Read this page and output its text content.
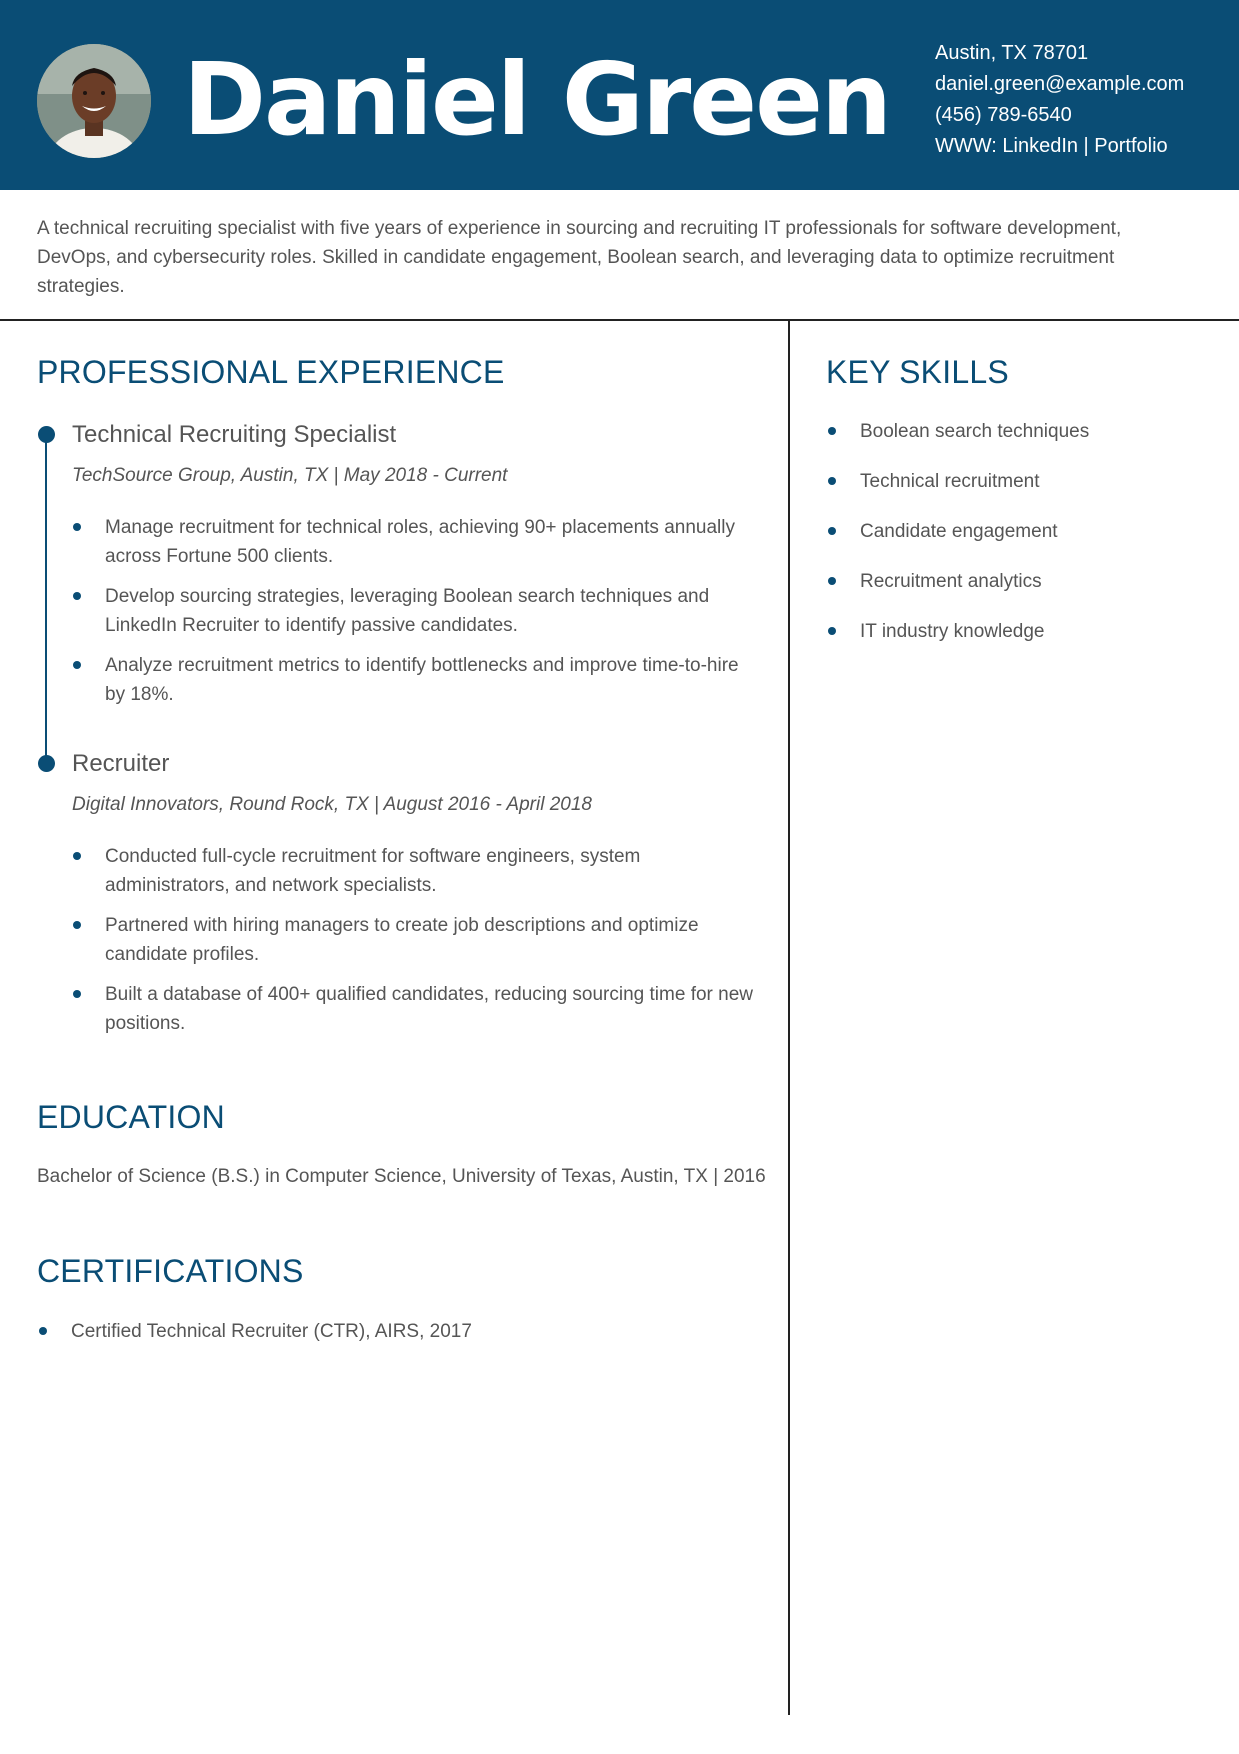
Daniel Green Austin, TX 78701
daniel.green@example.com
(456) 789-6540
WWW: LinkedIn | Portfolio

A technical recruiting specialist with five years of experience in sourcing and recruiting IT professionals for software development, DevOps, and cybersecurity roles. Skilled in candidate engagement, Boolean search, and leveraging data to optimize recruitment strategies.

PROFESSIONAL EXPERIENCE
Technical Recruiting Specialist
TechSource Group, Austin, TX | May 2018 - Current
Manage recruitment for technical roles, achieving 90+ placements annually across Fortune 500 clients.
Develop sourcing strategies, leveraging Boolean search techniques and LinkedIn Recruiter to identify passive candidates.
Analyze recruitment metrics to identify bottlenecks and improve time-to-hire by 18%.
Recruiter
Digital Innovators, Round Rock, TX | August 2016 - April 2018
Conducted full-cycle recruitment for software engineers, system administrators, and network specialists.
Partnered with hiring managers to create job descriptions and optimize candidate profiles.
Built a database of 400+ qualified candidates, reducing sourcing time for new positions.
EDUCATION
Bachelor of Science (B.S.) in Computer Science, University of Texas, Austin, TX | 2016
CERTIFICATIONS
Certified Technical Recruiter (CTR), AIRS, 2017
KEY SKILLS
Boolean search techniques
Technical recruitment
Candidate engagement
Recruitment analytics
IT industry knowledge
